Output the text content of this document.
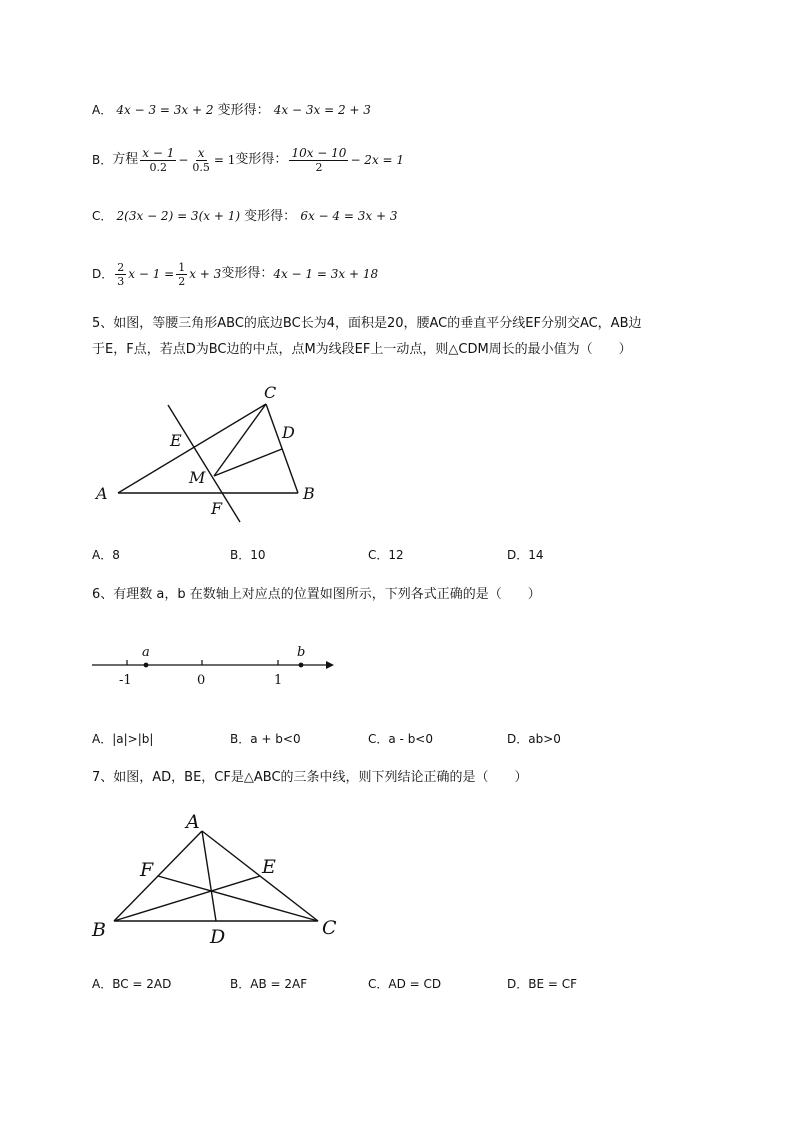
A． 4x − 3 = 3x + 2 变形得： 4x − 3x = 2 + 3
B． 方程 $\frac{x - 1}{0.2} - \frac{x}{0.5} = 1$ 变形得： $\frac{10x - 10}{2} - 2x = 1$
C． 2(3x − 2) = 3(x + 1) 变形得： 6x − 4 = 3x + 3
D． $\frac{2}{3}$ $x - 1 = \frac{1}{2}$ x + 3 变形得： 4x − 1 = 3x + 18
5、如图，等腰三角形ABC的底边BC长为4，面积是20，腰AC的垂直平分线EF分别交AC，AB边
于E，F点，若点D为BC边的中点，点M为线段EF上一动点，则△CDM周长的最小值为（　　）
C
D
E
M
A	B
F
A．8	B．10	C．12	D．14
6、有理数 a，b 在数轴上对应点的位置如图所示，下列各式正确的是（　　）
a	b
-1	0	1
A．|a|>|b|	B．a + b<0	C．a - b<0	D．ab>0
7、如图，AD，BE，CF是△ABC的三条中线，则下列结论正确的是（　　）
A
F	E
B	D	C
A．BC = 2AD	B．AB = 2AF	C．AD = CD	D．BE = CF
